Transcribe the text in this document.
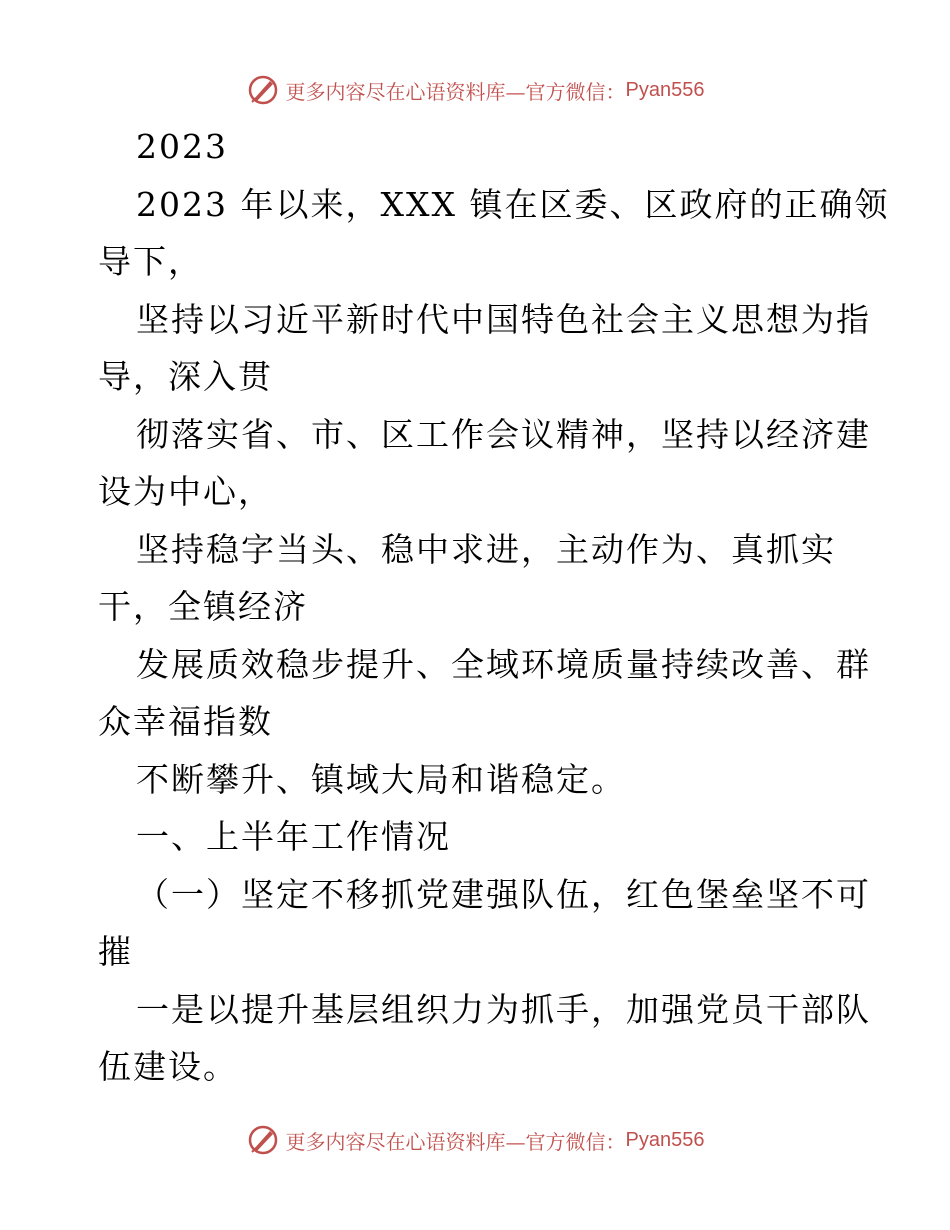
更多内容尽在心语资料库—官方微信： Pyan556
2023
2023 年以来，XXX 镇在区委、区政府的正确领
导下，
坚持以习近平新时代中国特色社会主义思想为指
导，深入贯
彻落实省、市、区工作会议精神，坚持以经济建
设为中心，
坚持稳字当头、稳中求进，主动作为、真抓实
干，全镇经济
发展质效稳步提升、全域环境质量持续改善、群
众幸福指数
不断攀升、镇域大局和谐稳定。
一、上半年工作情况
（一）坚定不移抓党建强队伍，红色堡垒坚不可
摧
一是以提升基层组织力为抓手，加强党员干部队
伍建设。
更多内容尽在心语资料库—官方微信： Pyan556
